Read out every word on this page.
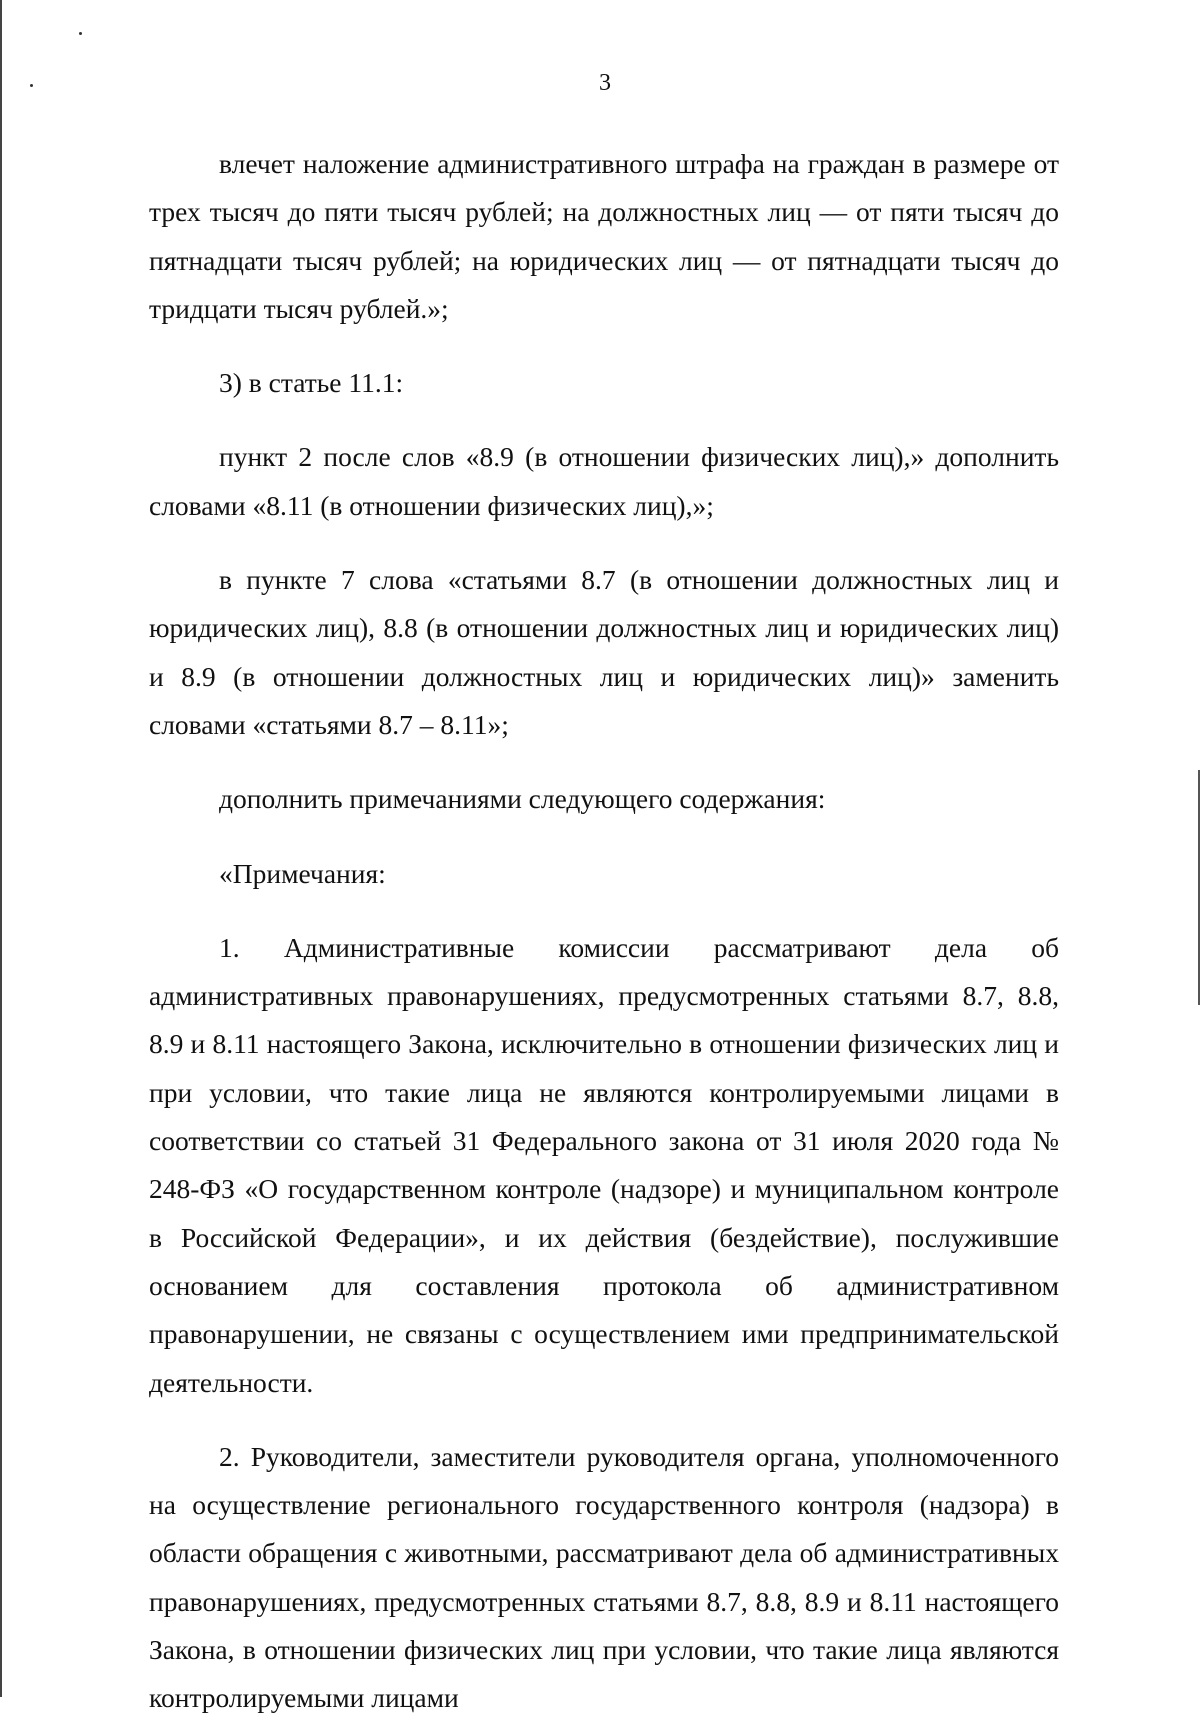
3

влечет наложение административного штрафа на граждан в размере от трех тысяч до пяти тысяч рублей; на должностных лиц — от пяти тысяч до пятнадцати тысяч рублей; на юридических лиц — от пятнадцати тысяч до тридцати тысяч рублей.»;

3) в статье 11.1:

пункт 2 после слов «8.9 (в отношении физических лиц),» дополнить словами «8.11 (в отношении физических лиц),»;

в пункте 7 слова «статьями 8.7 (в отношении должностных лиц и юридических лиц), 8.8 (в отношении должностных лиц и юридических лиц) и 8.9 (в отношении должностных лиц и юридических лиц)» заменить словами «статьями 8.7 – 8.11»;

дополнить примечаниями следующего содержания:

«Примечания:

1. Административные комиссии рассматривают дела об административных правонарушениях, предусмотренных статьями 8.7, 8.8, 8.9 и 8.11 настоящего Закона, исключительно в отношении физических лиц и при условии, что такие лица не являются контролируемыми лицами в соответствии со статьей 31 Федерального закона от 31 июля 2020 года № 248-ФЗ «О государственном контроле (надзоре) и муниципальном контроле в Российской Федерации», и их действия (бездействие), послужившие основанием для составления протокола об административном правонарушении, не связаны с осуществлением ими предпринимательской деятельности.

2. Руководители, заместители руководителя органа, уполномоченного на осуществление регионального государственного контроля (надзора) в области обращения с животными, рассматривают дела об административных правонарушениях, предусмотренных статьями 8.7, 8.8, 8.9 и 8.11 настоящего Закона, в отношении физических лиц при условии, что такие лица являются контролируемыми лицами
